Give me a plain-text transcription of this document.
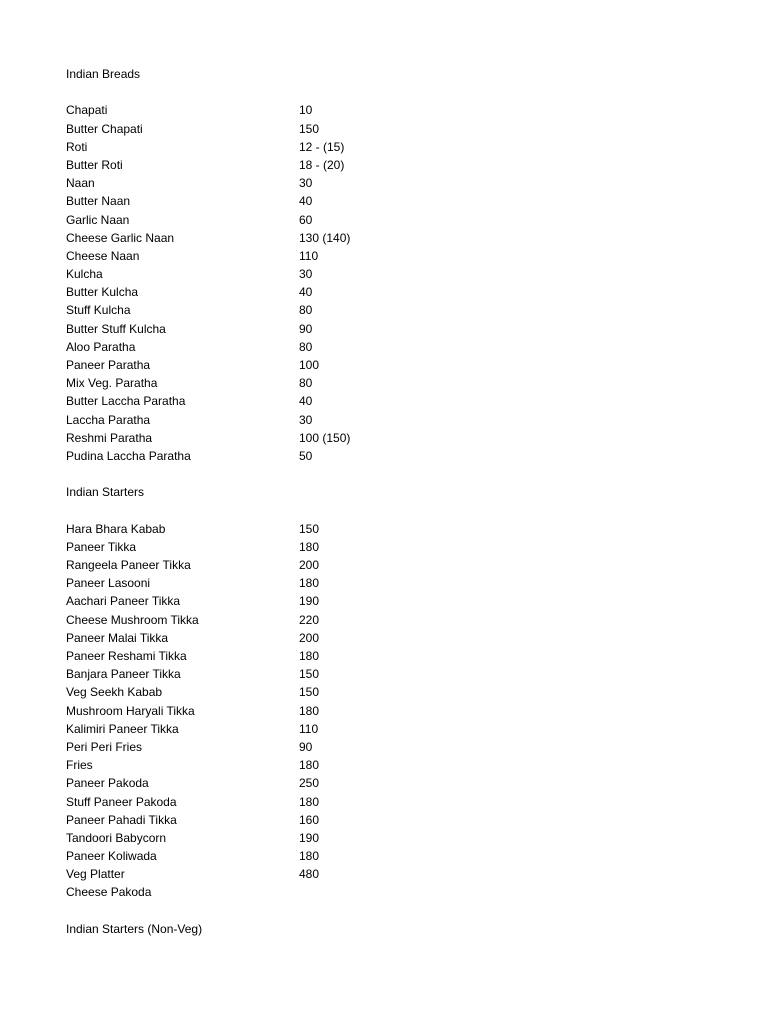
Indian Breads
Chapati	10
Butter Chapati	150
Roti	12 - (15)
Butter Roti	18 - (20)
Naan	30
Butter Naan	40
Garlic Naan	60
Cheese Garlic Naan	130 (140)
Cheese Naan	110
Kulcha	30
Butter Kulcha	40
Stuff Kulcha	80
Butter Stuff Kulcha	90
Aloo Paratha	80
Paneer Paratha	100
Mix Veg. Paratha	80
Butter Laccha Paratha	40
Laccha Paratha	30
Reshmi Paratha	100 (150)
Pudina Laccha Paratha	50
Indian Starters
Hara Bhara Kabab	150
Paneer Tikka	180
Rangeela Paneer Tikka	200
Paneer Lasooni	180
Aachari Paneer Tikka	190
Cheese Mushroom Tikka	220
Paneer Malai Tikka	200
Paneer Reshami Tikka	180
Banjara Paneer Tikka	150
Veg Seekh Kabab	150
Mushroom Haryali Tikka	180
Kalimiri Paneer Tikka	110
Peri Peri Fries	90
Fries	180
Paneer Pakoda	250
Stuff Paneer Pakoda	180
Paneer Pahadi Tikka	160
Tandoori Babycorn	190
Paneer Koliwada	180
Veg Platter	480
Cheese Pakoda
Indian Starters (Non-Veg)
